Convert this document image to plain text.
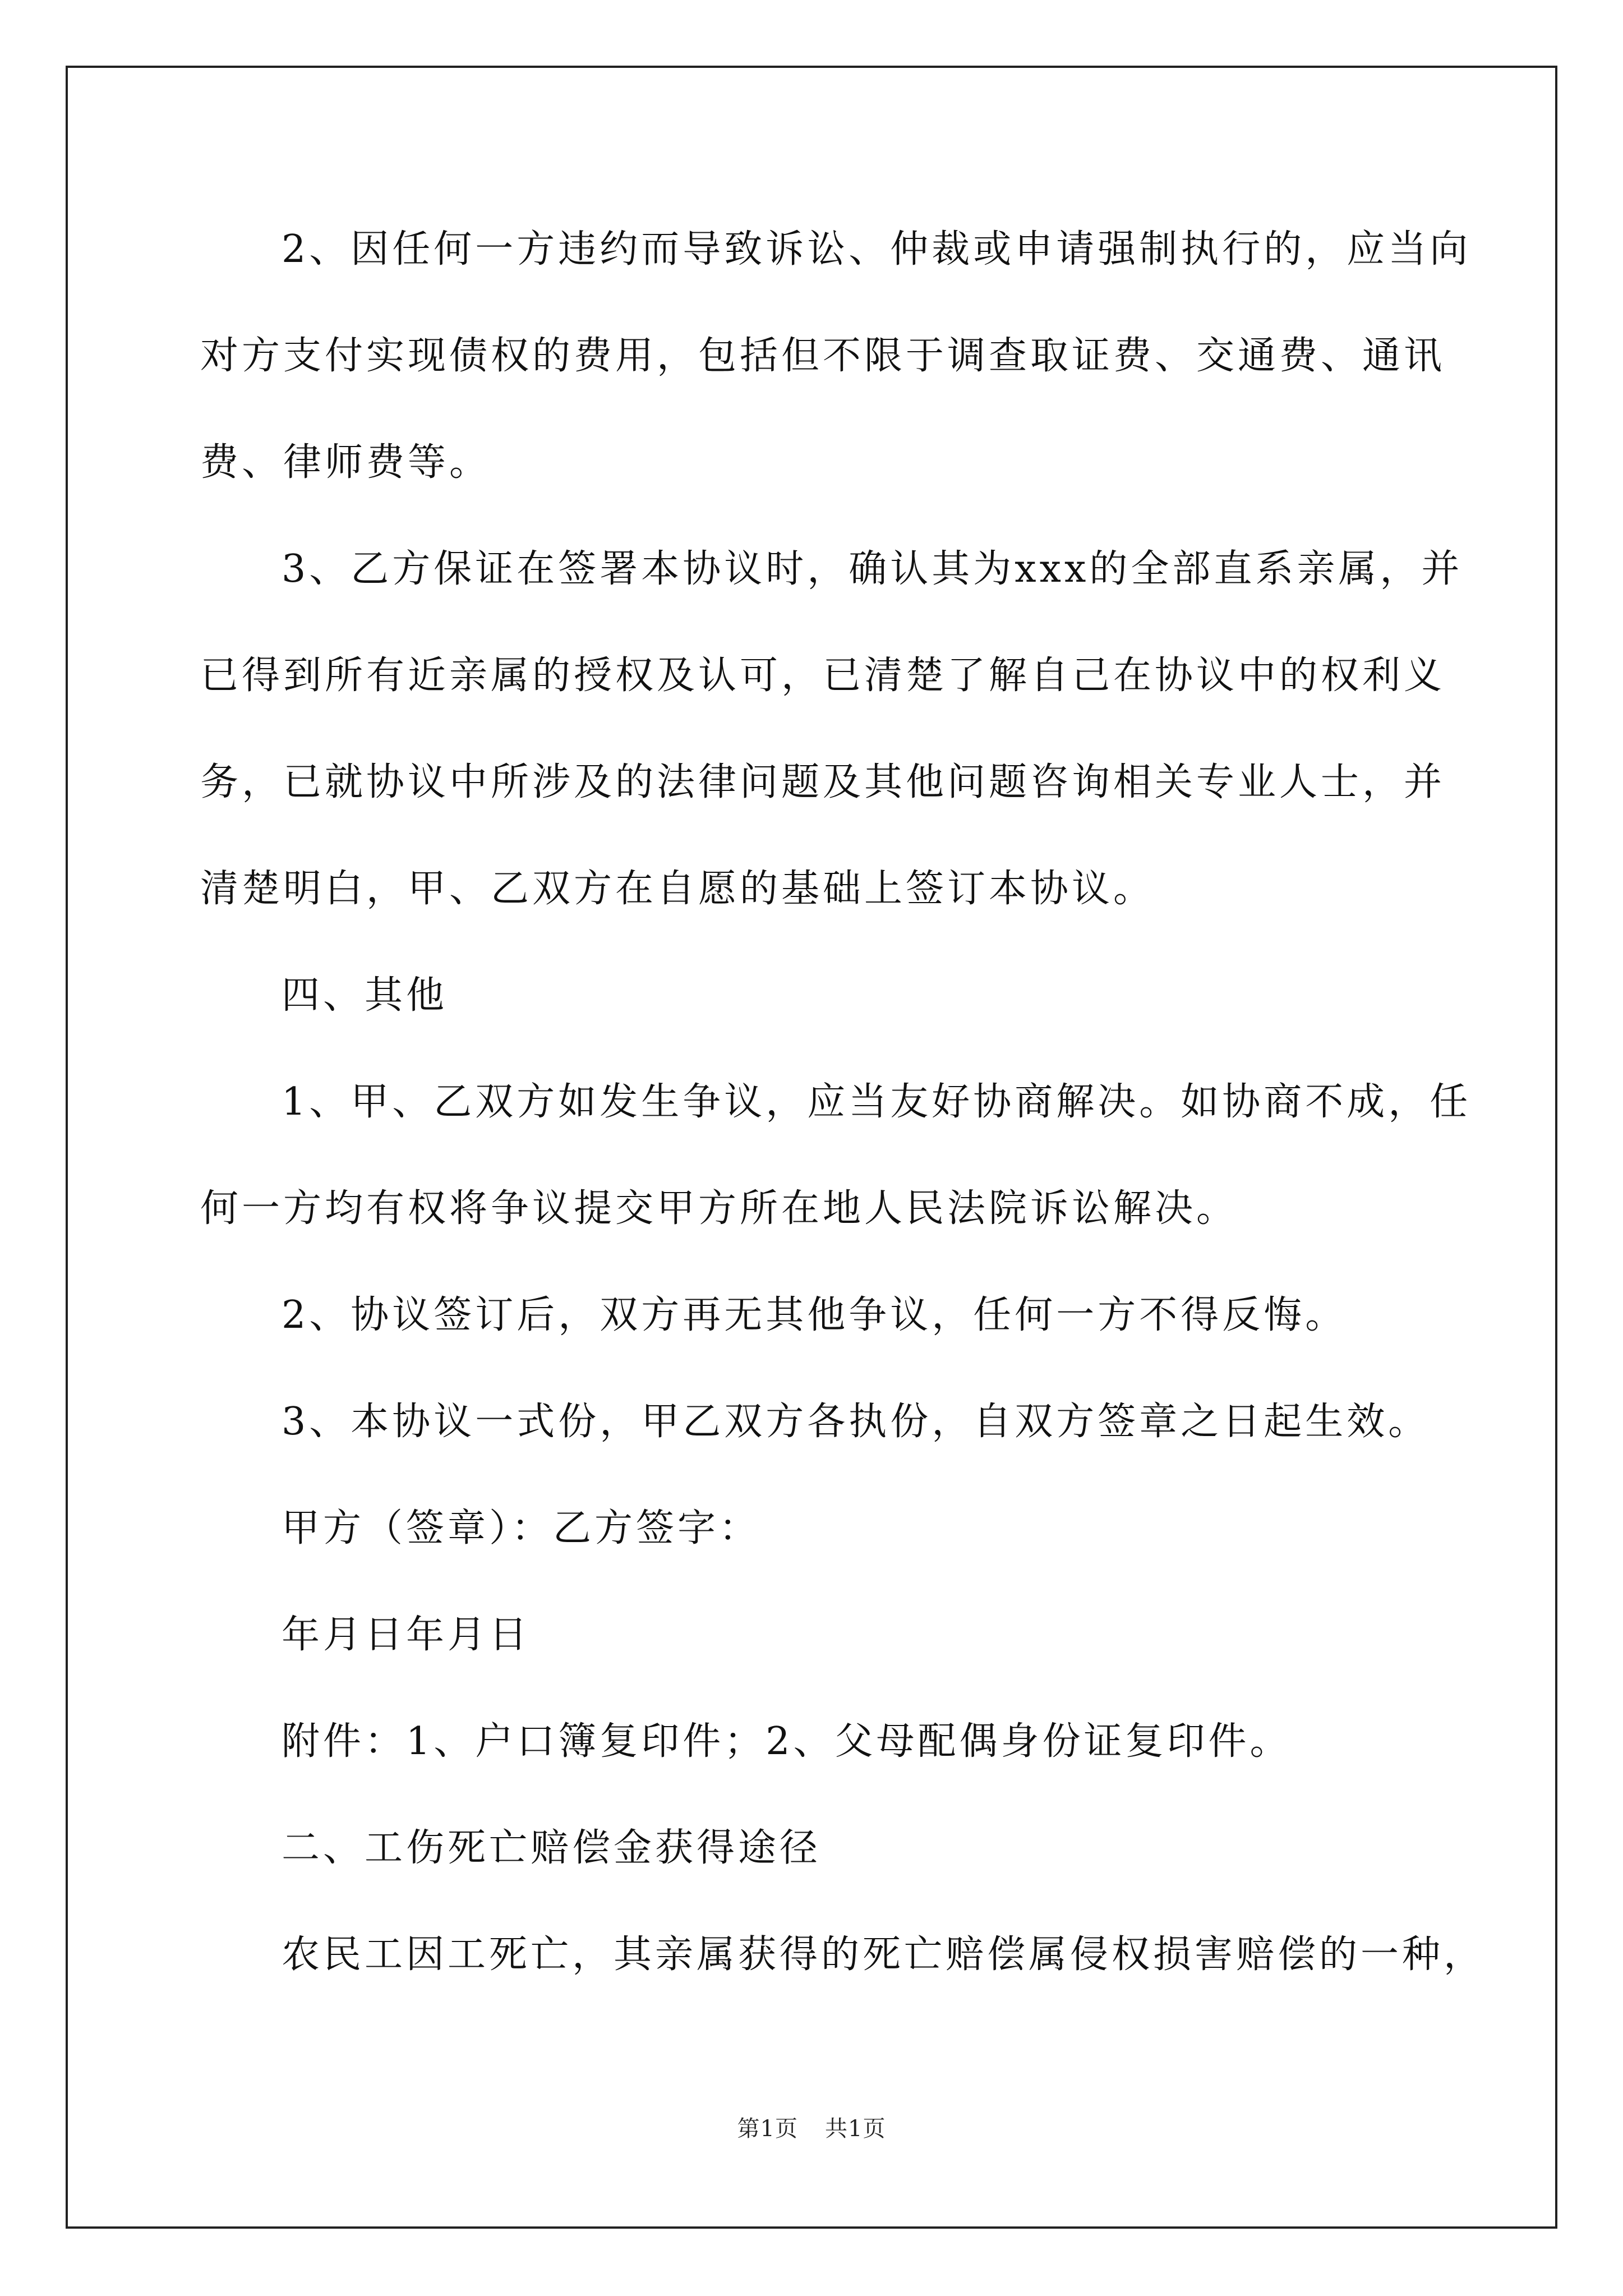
2、因任何一方违约而导致诉讼、仲裁或申请强制执行的，应当向

对方支付实现债权的费用，包括但不限于调查取证费、交通费、通讯

费、律师费等。

3、乙方保证在签署本协议时，确认其为xxx的全部直系亲属，并

已得到所有近亲属的授权及认可，已清楚了解自己在协议中的权利义

务，已就协议中所涉及的法律问题及其他问题咨询相关专业人士，并

清楚明白，甲、乙双方在自愿的基础上签订本协议。

四、其他

1、甲、乙双方如发生争议，应当友好协商解决。如协商不成，任

何一方均有权将争议提交甲方所在地人民法院诉讼解决。

2、协议签订后，双方再无其他争议，任何一方不得反悔。

3、本协议一式份，甲乙双方各执份，自双方签章之日起生效。

甲方（签章）：乙方签字：

年月日年月日

附件：1、户口簿复印件；2、父母配偶身份证复印件。

二、工伤死亡赔偿金获得途径

农民工因工死亡，其亲属获得的死亡赔偿属侵权损害赔偿的一种，

第1页 共1页
